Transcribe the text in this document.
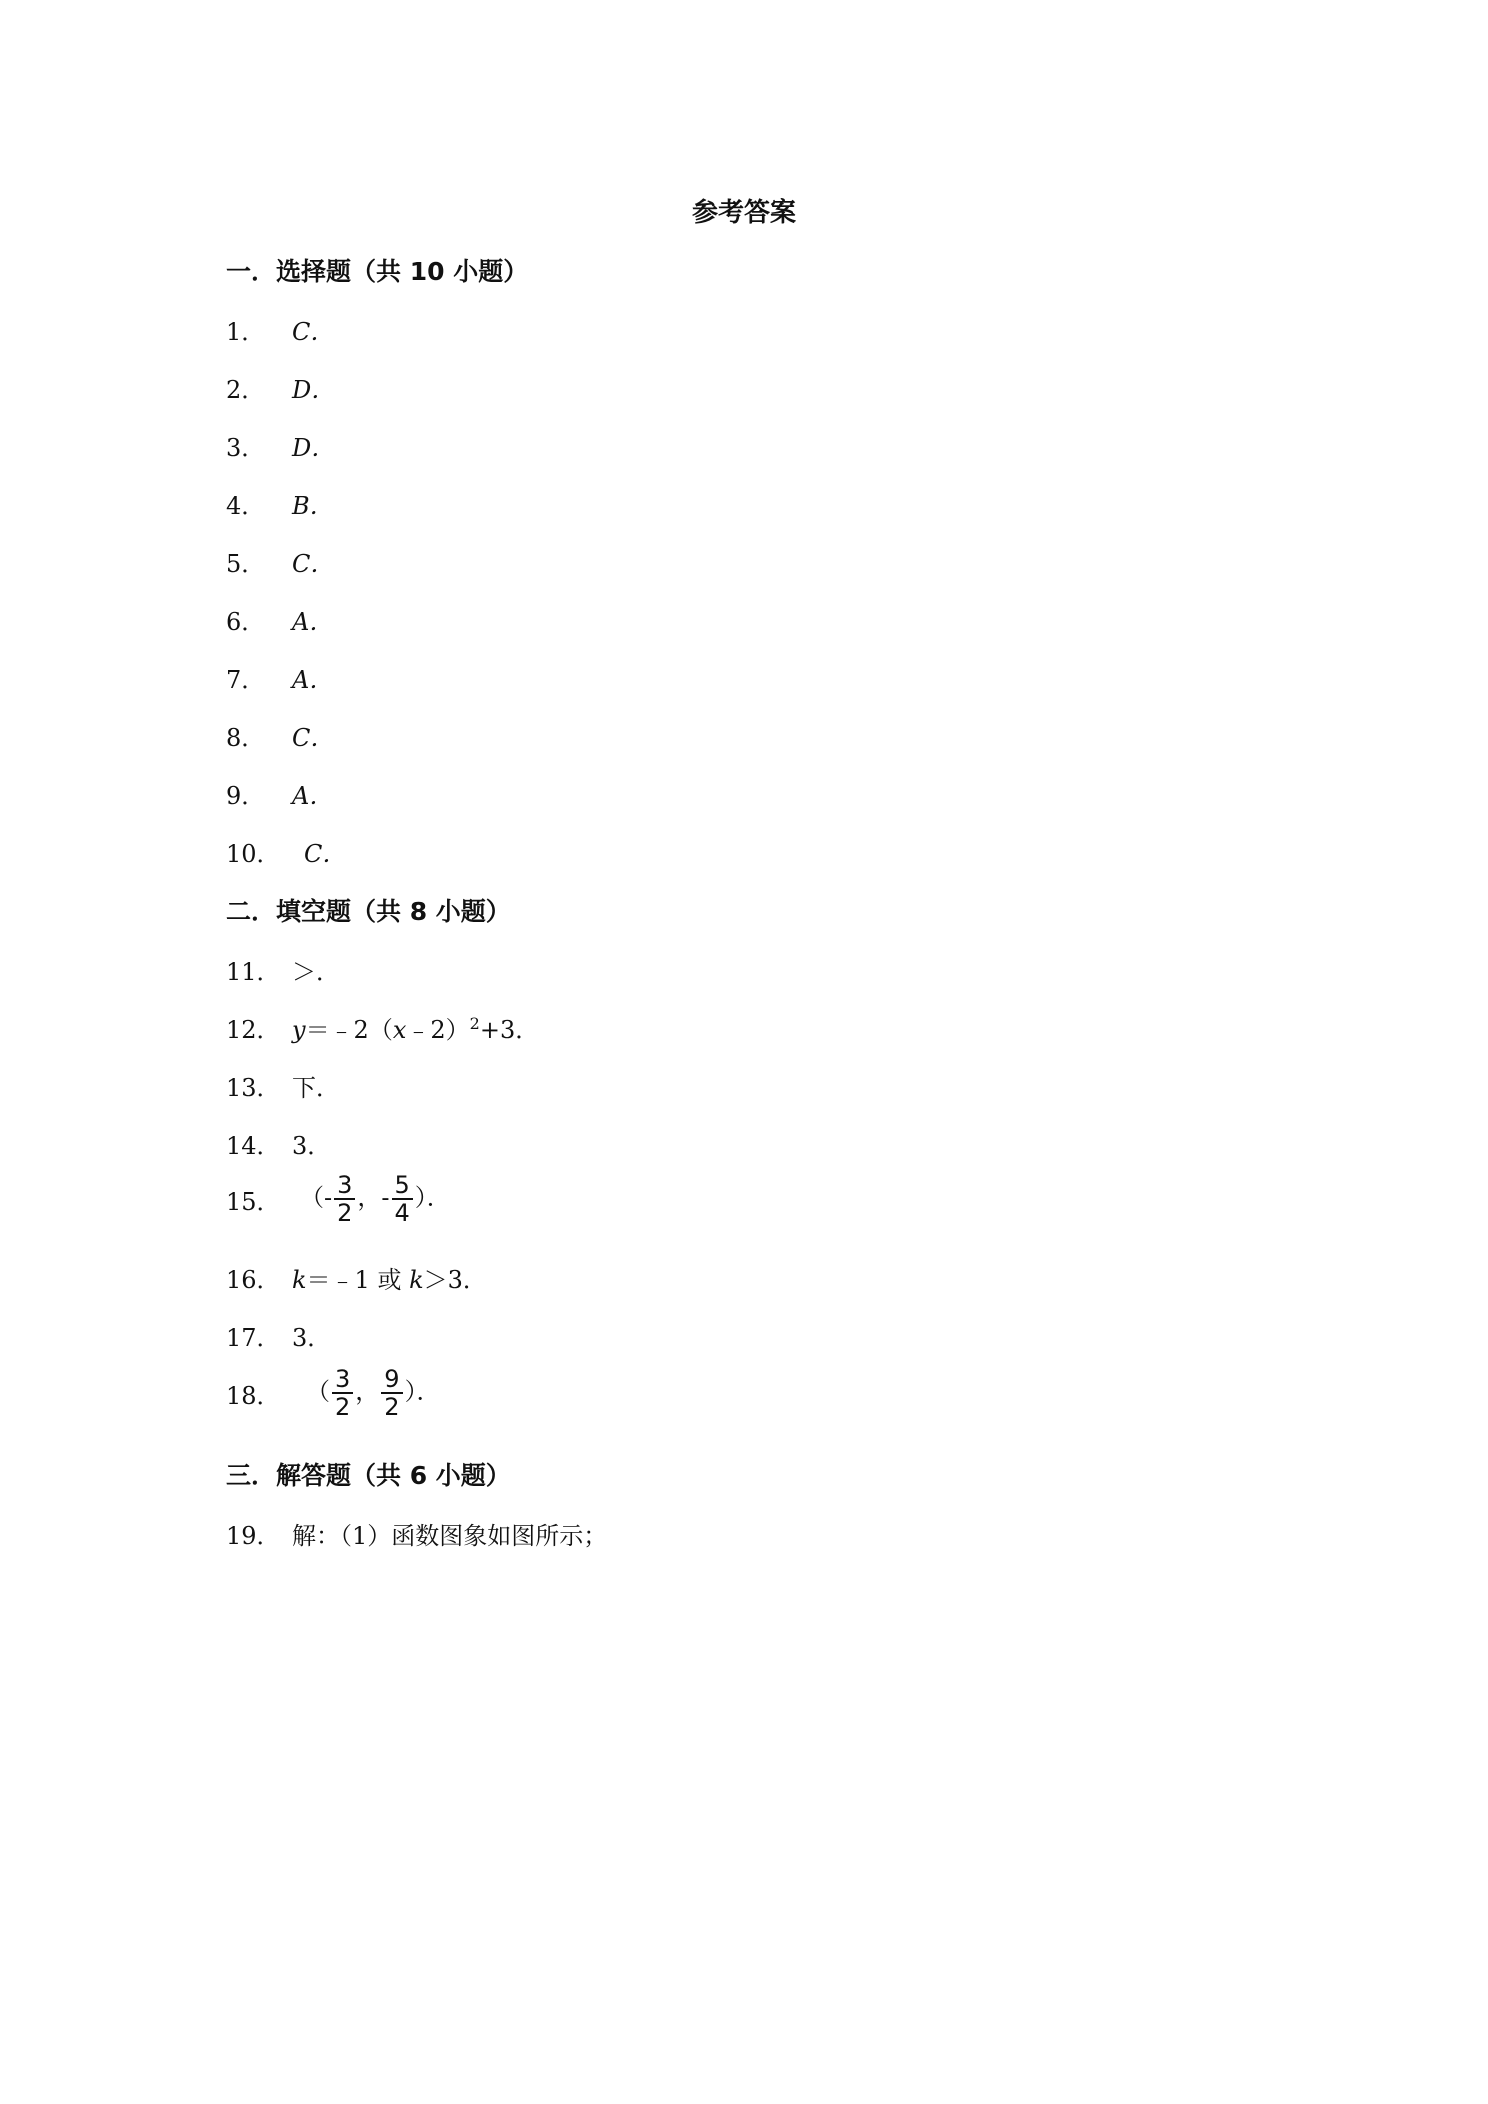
参考答案
一．选择题（共 10 小题）
1． C．
2． D．
3． D．
4． B．
5． C．
6． A．
7． A．
8． C．
9． A．
10． C．
二．填空题（共 8 小题）
11． ＞．
12． y＝﹣2（x﹣2）$^2$+3．
13． 下．
14． 3．
15． （- $\frac{3}{2}$ ，- $\frac{5}{4}$ ）．
16． k＝﹣1 或 k＞3．
17． 3．
18． （ $\frac{3}{2}$ ， $\frac{9}{2}$ ）．
三．解答题（共 6 小题）
19． 解：（1）函数图象如图所示；
